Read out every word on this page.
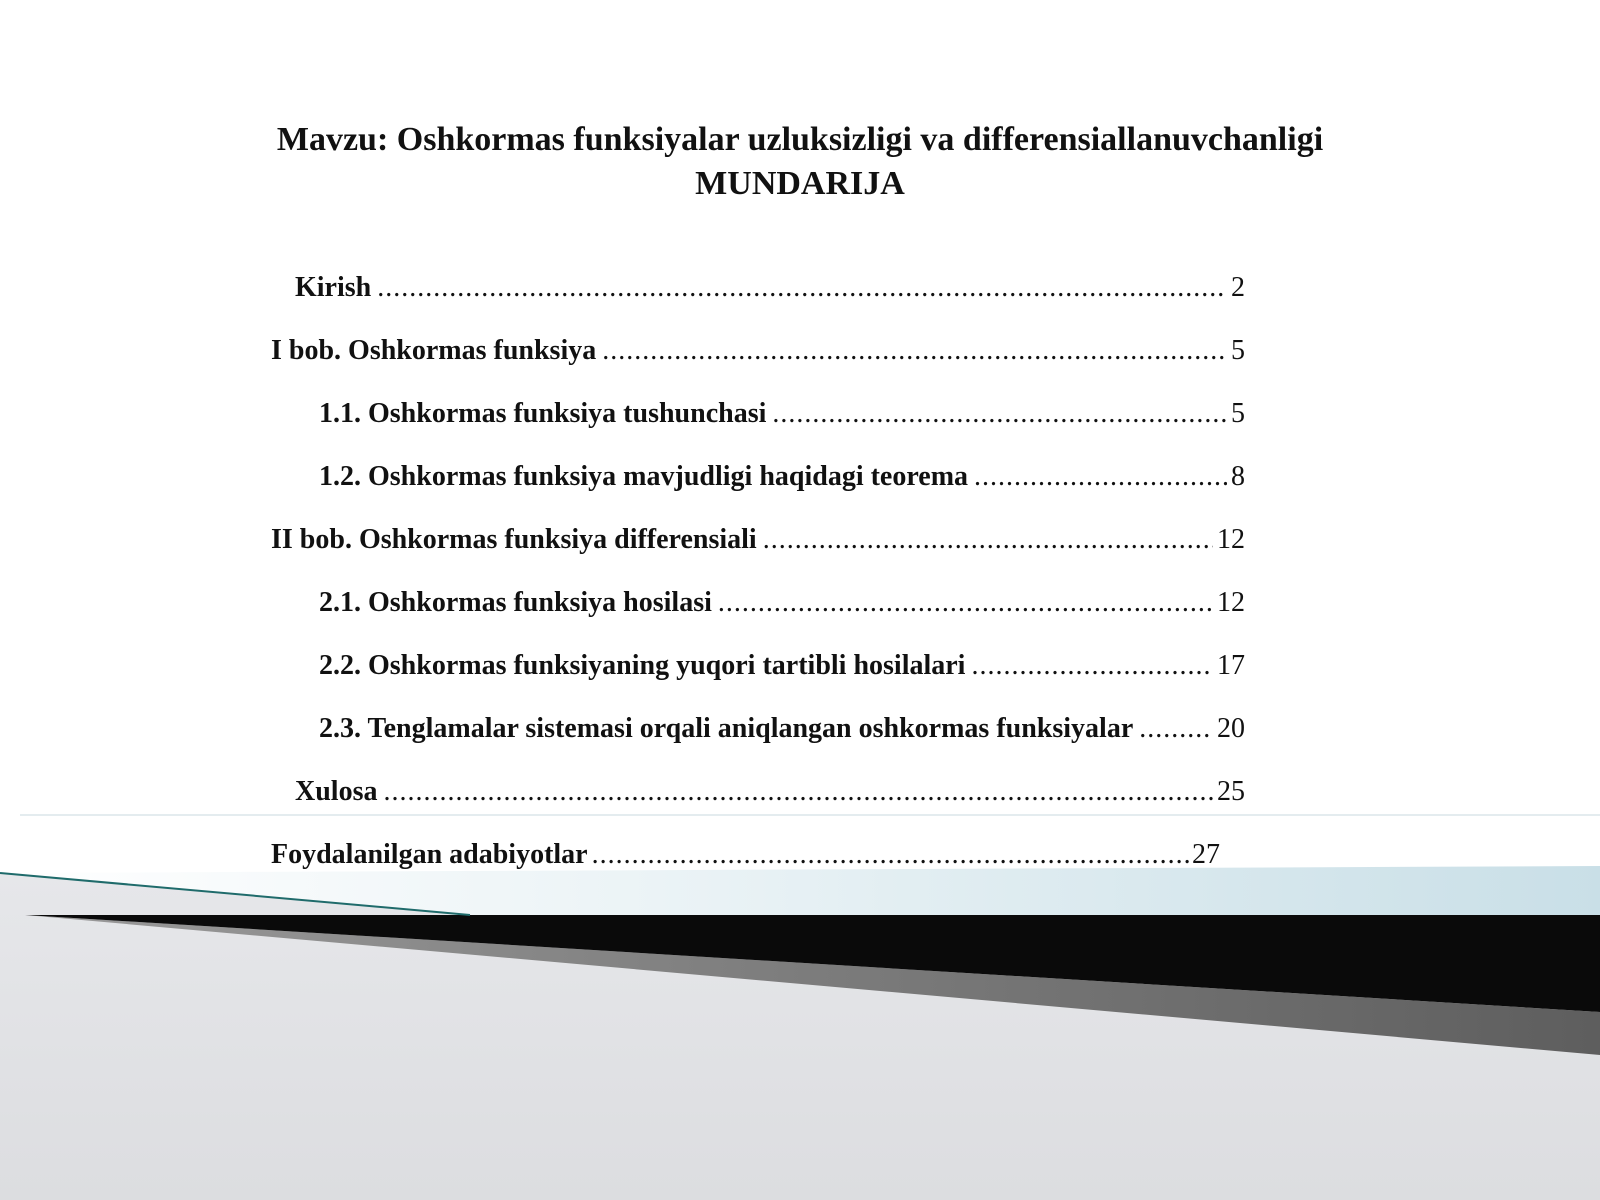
Mavzu: Oshkormas funksiyalar uzluksizligi va differensiallanuvchanligi
MUNDARIJA
Kirish .....	2
I bob. Oshkormas funksiya .....	5
1.1. Oshkormas funksiya tushunchasi .....	5
1.2. Oshkormas funksiya mavjudligi haqidagi teorema .....	8
II bob. Oshkormas funksiya differensiali .....	12
2.1. Oshkormas funksiya hosilasi .....	12
2.2. Oshkormas funksiyaning yuqori tartibli hosilalari .....	17
2.3. Tenglamalar sistemasi orqali aniqlangan oshkormas funksiyalar .....	20
Xulosa .....	25
Foydalanilgan adabiyotlar .....	27
